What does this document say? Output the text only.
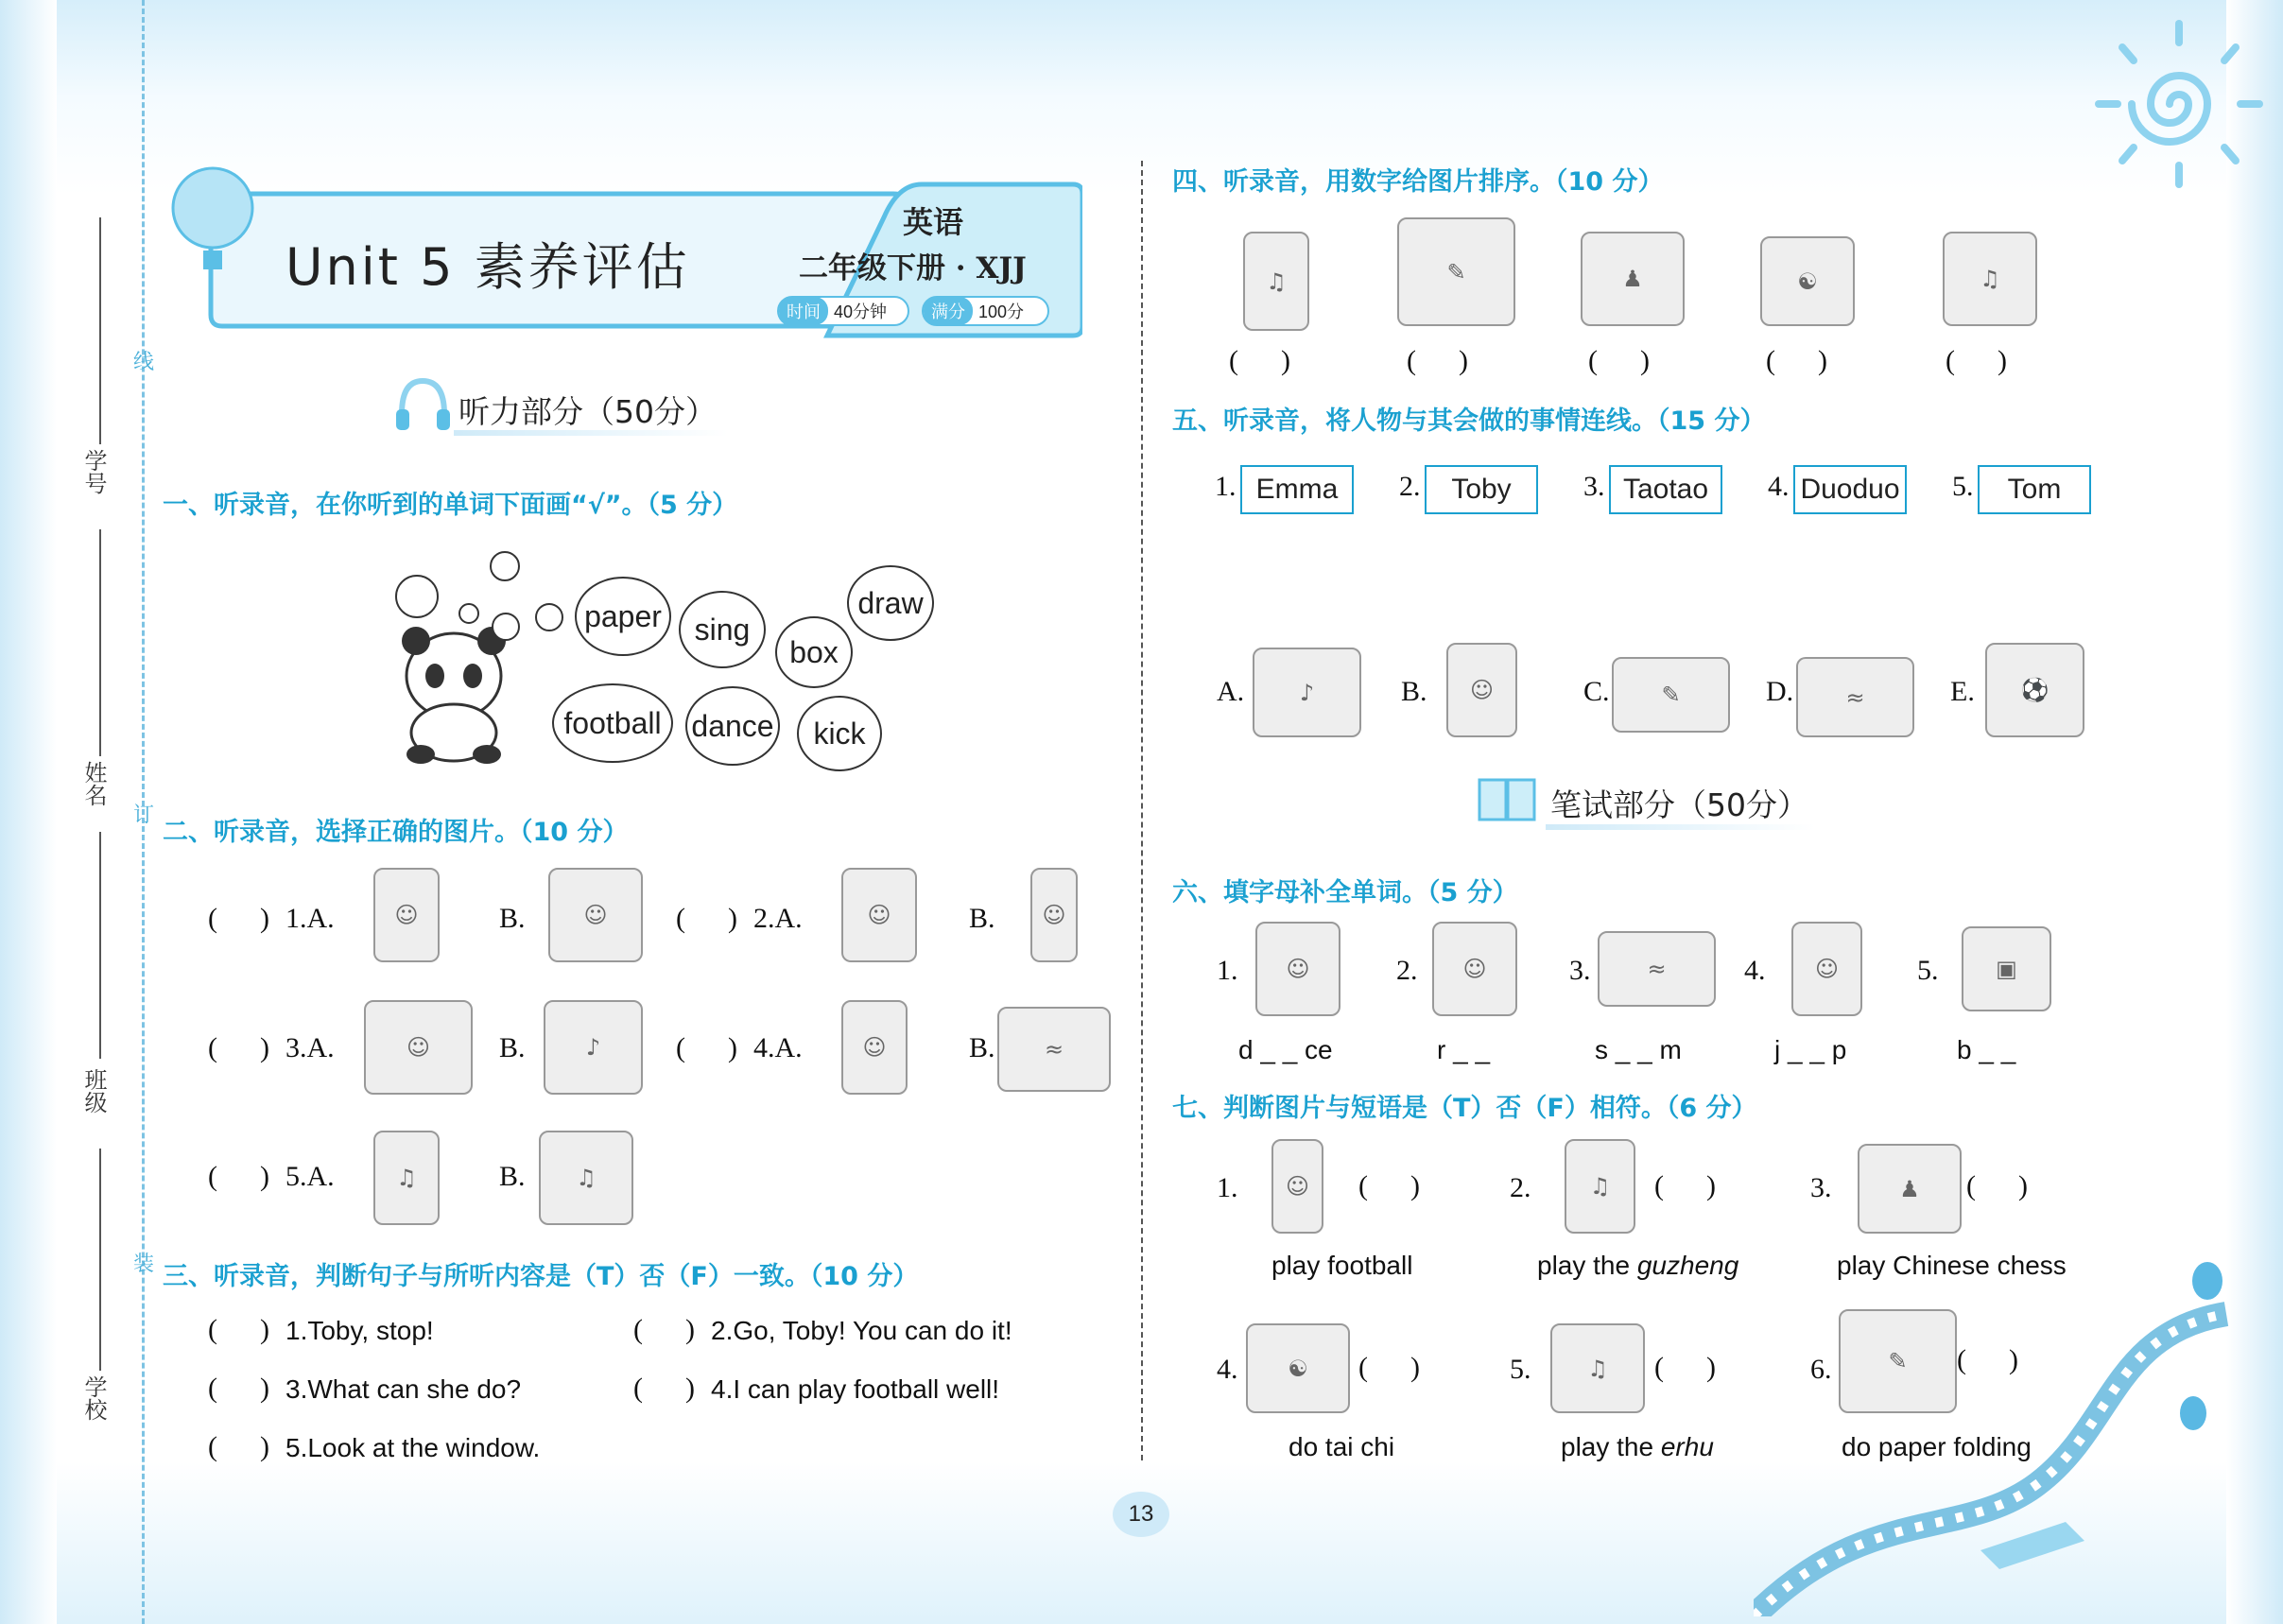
学号
姓名
班级
学校
线
订
装
Unit 5 素养评估
英语
二年级下册 · XJJ
时间 40分钟	满分 100分
听力部分（50分）
一、听录音，在你听到的单词下面画“√”。（5 分）
paper	sing
box
draw
football dance	kick
二、听录音，选择正确的图片。（10 分）
(      ) 1.A.	☺	B.	☺ (      ) 2.A.	☺	B. ☺
(      ) 3.A.	☺ B.	♪	(      ) 4.A.	☺	B. ≈
(      ) 5.A.	♫	B. ♫
三、听录音，判断句子与所听内容是（T）否（F）一致。（10 分）
(      ) 1.Toby, stop!	(      ) 2.Go, Toby! You can do it!
(      ) 3.What can she do?	(      ) 4.I can play football well!
(      ) 5.Look at the window.
四、听录音，用数字给图片排序。（10 分）
♫	✎	♟	☯	♫
(      )	(      )	(      )	(      )	(      )
五、听录音，将人物与其会做的事情连线。（15 分）
1. Emma	2.	Toby	3. Taotao	4. Duoduo 5.	Tom
A. ♪	B. ☺	C. ✎	D. ≈	E. ⚽
笔试部分（50分）
六、填字母补全单词。（5 分）
1. ☺	2. ☺	3. ≈	4. ☺	5.	▣
d _ _ ce	r _ _	s _ _ m	j _ _ p	b _ _
七、判断图片与短语是（T）否（F）相符。（6 分）
1. ☺ (      )	2.	♫ (      )	3.	♟ (      )
play football	play the guzheng	play Chinese chess
4. ☯ (      )	5. ♫ (      )	6. ✎ (      )
do tai chi	play the erhu	do paper folding
13
